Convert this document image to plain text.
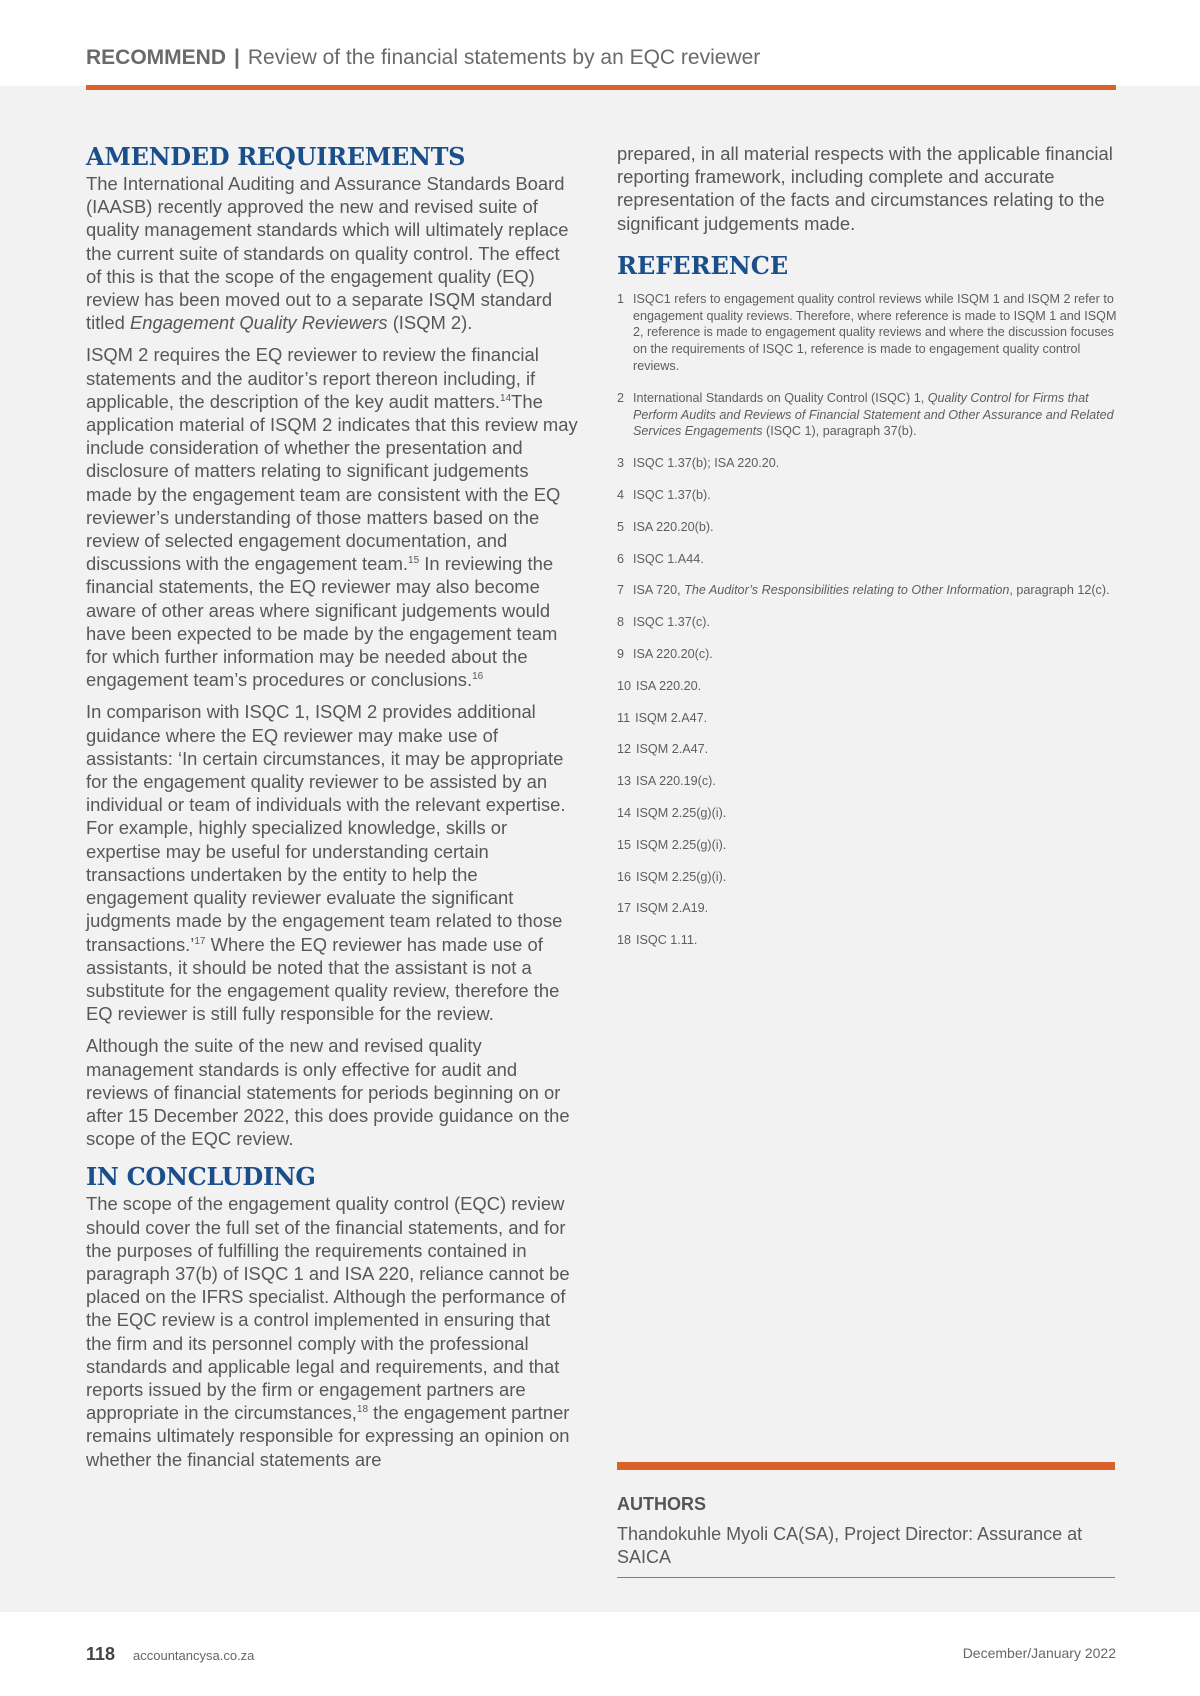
RECOMMEND | Review of the financial statements by an EQC reviewer
AMENDED REQUIREMENTS

The International Auditing and Assurance Standards Board (IAASB) recently approved the new and revised suite of quality management standards which will ultimately replace the current suite of standards on quality control. The effect of this is that the scope of the engagement quality (EQ) review has been moved out to a separate ISQM standard titled Engagement Quality Reviewers (ISQM 2).

ISQM 2 requires the EQ reviewer to review the financial statements and the auditor’s report thereon including, if applicable, the description of the key audit matters.$^{14}$The application material of ISQM 2 indicates that this review may include consideration of whether the presentation and disclosure of matters relating to significant judgements made by the engagement team are consistent with the EQ reviewer’s understanding of those matters based on the review of selected engagement documentation, and discussions with the engagement team.$^{15}$ In reviewing the financial statements, the EQ reviewer may also become aware of other areas where significant judgements would have been expected to be made by the engagement team for which further information may be needed about the engagement team’s procedures or conclusions.$^{16}$

In comparison with ISQC 1, ISQM 2 provides additional guidance where the EQ reviewer may make use of assistants: ‘In certain circumstances, it may be appropriate for the engagement quality reviewer to be assisted by an individual or team of individuals with the relevant expertise. For example, highly specialized knowledge, skills or expertise may be useful for understanding certain transactions undertaken by the entity to help the engagement quality reviewer evaluate the significant judgments made by the engagement team related to those transactions.’$^{17}$ Where the EQ reviewer has made use of assistants, it should be noted that the assistant is not a substitute for the engagement quality review, therefore the EQ reviewer is still fully responsible for the review.

Although the suite of the new and revised quality management standards is only effective for audit and reviews of financial statements for periods beginning on or after 15 December 2022, this does provide guidance on the scope of the EQC review.

IN CONCLUDING

The scope of the engagement quality control (EQC) review should cover the full set of the financial statements, and for the purposes of fulfilling the requirements contained in paragraph 37(b) of ISQC 1 and ISA 220, reliance cannot be placed on the IFRS specialist. Although the performance of the EQC review is a control implemented in ensuring that the firm and its personnel comply with the professional standards and applicable legal and requirements, and that reports issued by the firm or engagement partners are appropriate in the circumstances,$^{18}$ the engagement partner remains ultimately responsible for expressing an opinion on whether the financial statements are

prepared, in all material respects with the applicable financial reporting framework, including complete and accurate representation of the facts and circumstances relating to the significant judgements made.

REFERENCE
1 ISQC1 refers to engagement quality control reviews while ISQM 1 and ISQM 2 refer to engagement quality reviews. Therefore, where reference is made to ISQM 1 and ISQM 2, reference is made to engagement quality reviews and where the discussion focuses on the requirements of ISQC 1, reference is made to engagement quality control reviews.
2 International Standards on Quality Control (ISQC) 1, Quality Control for Firms that Perform Audits and Reviews of Financial Statement and Other Assurance and Related Services Engagements (ISQC 1), paragraph 37(b).
3 ISQC 1.37(b); ISA 220.20.
4 ISQC 1.37(b).
5 ISA 220.20(b).
6 ISQC 1.A44.
7 ISA 720, The Auditor’s Responsibilities relating to Other Information, paragraph 12(c).
8 ISQC 1.37(c).
9 ISA 220.20(c).
10 ISA 220.20.
11 ISQM 2.A47.
12 ISQM 2.A47.
13 ISA 220.19(c).
14 ISQM 2.25(g)(i).
15 ISQM 2.25(g)(i).
16 ISQM 2.25(g)(i).
17 ISQM 2.A19.
18 ISQC 1.11.
AUTHORS
Thandokuhle Myoli CA(SA), Project Director: Assurance at SAICA
118 accountancysa.co.za	December/January 2022
